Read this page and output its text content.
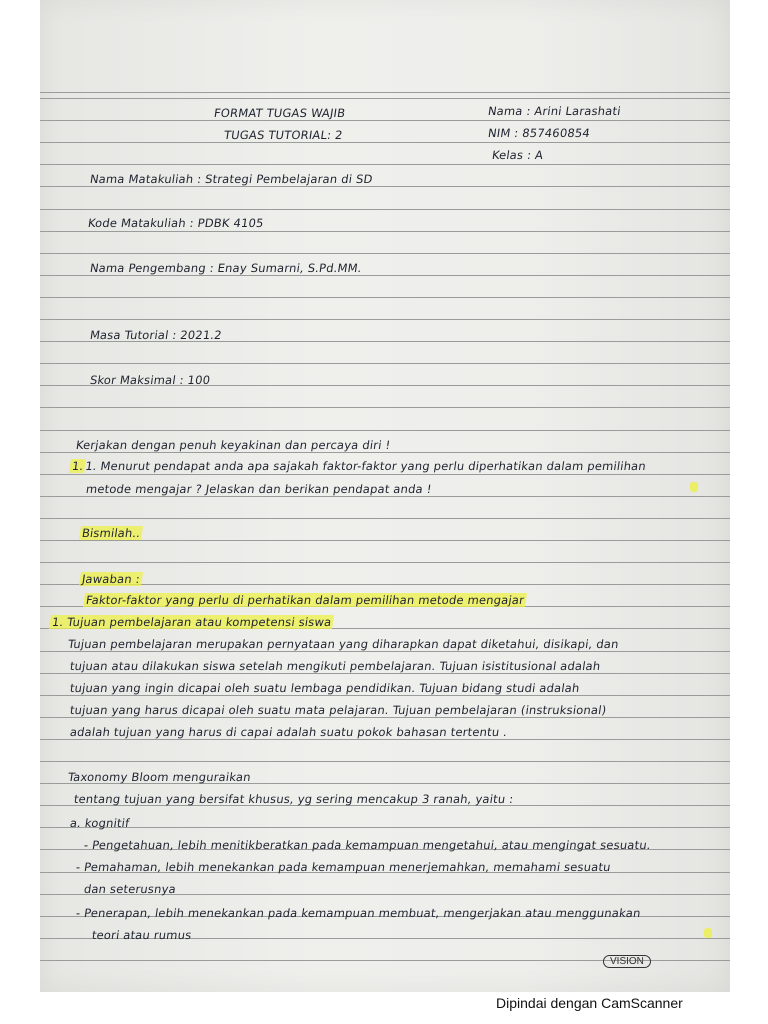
FORMAT TUGAS WAJIB	Nama : Arini Larashati
TUGAS TUTORIAL: 2	NIM : 857460854
Kelas : A
Nama Matakuliah : Strategi Pembelajaran di SD
Kode Matakuliah : PDBK 4105
Nama Pengembang : Enay Sumarni, S.Pd.MM.
Masa Tutorial : 2021.2
Skor Maksimal : 100
Kerjakan dengan penuh keyakinan dan percaya diri !
1.1. Menurut pendapat anda apa sajakah faktor-faktor yang perlu diperhatikan dalam pemilihan
metode mengajar ? Jelaskan dan berikan pendapat anda !
Bismilah..
Jawaban :
Faktor-faktor yang perlu di perhatikan dalam pemilihan metode mengajar
1. Tujuan pembelajaran atau kompetensi siswa
Tujuan pembelajaran merupakan pernyataan yang diharapkan dapat diketahui, disikapi, dan
tujuan atau dilakukan siswa setelah mengikuti pembelajaran. Tujuan isistitusional adalah
tujuan yang ingin dicapai oleh suatu lembaga pendidikan. Tujuan bidang studi adalah
tujuan yang harus dicapai oleh suatu mata pelajaran. Tujuan pembelajaran (instruksional)
adalah tujuan yang harus di capai adalah suatu pokok bahasan tertentu .
Taxonomy Bloom menguraikan
tentang tujuan yang bersifat khusus, yg sering mencakup 3 ranah, yaitu :
a. kognitif
- Pengetahuan, lebih menitikberatkan pada kemampuan mengetahui, atau mengingat sesuatu.
- Pemahaman, lebih menekankan pada kemampuan menerjemahkan, memahami sesuatu
dan seterusnya
- Penerapan, lebih menekankan pada kemampuan membuat, mengerjakan atau menggunakan
teori atau rumus
VISION
Dipindai dengan CamScanner
